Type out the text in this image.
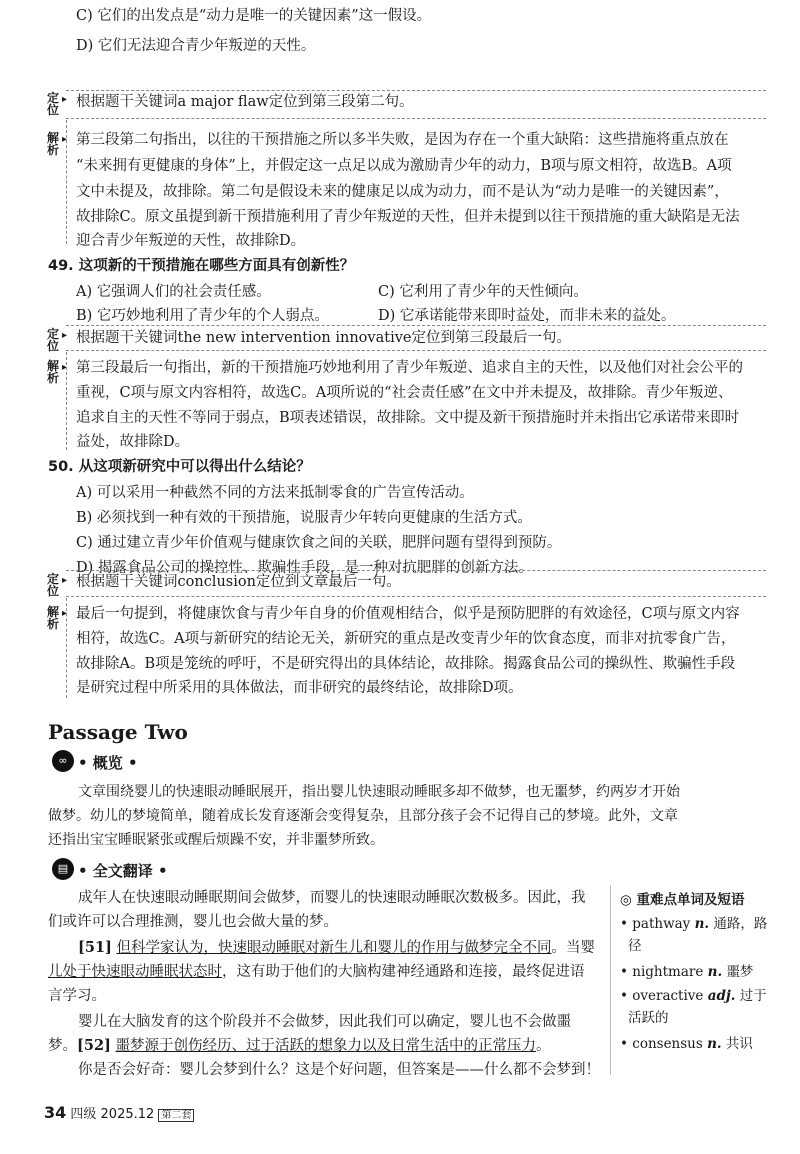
C) 它们的出发点是“动力是唯一的关键因素”这一假设。
D) 它们无法迎合青少年叛逆的天性。
定
位
▸ 根据题干关键词a major flaw定位到第三段第二句。
解
析
▸ 第三段第二句指出，以往的干预措施之所以多半失败，是因为存在一个重大缺陷：这些措施将重点放在
“未来拥有更健康的身体”上，并假定这一点足以成为激励青少年的动力，B项与原文相符，故选B。A项
文中未提及，故排除。第二句是假设未来的健康足以成为动力，而不是认为“动力是唯一的关键因素”，
故排除C。原文虽提到新干预措施利用了青少年叛逆的天性，但并未提到以往干预措施的重大缺陷是无法
迎合青少年叛逆的天性，故排除D。
49. 这项新的干预措施在哪些方面具有创新性？
A) 它强调人们的社会责任感。	C) 它利用了青少年的天性倾向。
B) 它巧妙地利用了青少年的个人弱点。	D) 它承诺能带来即时益处，而非未来的益处。
定
位
▸ 根据题干关键词the new intervention innovative定位到第三段最后一句。
解
析
▸ 第三段最后一句指出，新的干预措施巧妙地利用了青少年叛逆、追求自主的天性，以及他们对社会公平的
重视，C项与原文内容相符，故选C。A项所说的“社会责任感”在文中并未提及，故排除。青少年叛逆、
追求自主的天性不等同于弱点，B项表述错误，故排除。文中提及新干预措施时并未指出它承诺带来即时
益处，故排除D。
50. 从这项新研究中可以得出什么结论？
A) 可以采用一种截然不同的方法来抵制零食的广告宣传活动。
B) 必须找到一种有效的干预措施，说服青少年转向更健康的生活方式。
C) 通过建立青少年价值观与健康饮食之间的关联，肥胖问题有望得到预防。
D) 揭露食品公司的操控性、欺骗性手段，是一种对抗肥胖的创新方法。
定
位
▸ 根据题干关键词conclusion定位到文章最后一句。
解
析
▸ 最后一句提到，将健康饮食与青少年自身的价值观相结合，似乎是预防肥胖的有效途径，C项与原文内容
相符，故选C。A项与新研究的结论无关，新研究的重点是改变青少年的饮食态度，而非对抗零食广告，
故排除A。B项是笼统的呼吁，不是研究得出的具体结论，故排除。揭露食品公司的操纵性、欺骗性手段
是研究过程中所采用的具体做法，而非研究的最终结论，故排除D项。
Passage Two
∞ • 概览 •
文章围绕婴儿的快速眼动睡眠展开，指出婴儿快速眼动睡眠多却不做梦，也无噩梦，约两岁才开始
做梦。幼儿的梦境简单，随着成长发育逐渐会变得复杂，且部分孩子会不记得自己的梦境。此外，文章
还指出宝宝睡眠紧张或醒后烦躁不安，并非噩梦所致。
▤ • 全文翻译 •
成年人在快速眼动睡眠期间会做梦，而婴儿的快速眼动睡眠次数极多。因此，我
们或许可以合理推测，婴儿也会做大量的梦。
[51] 但科学家认为，快速眼动睡眠对新生儿和婴儿的作用与做梦完全不同。当婴
儿处于快速眼动睡眠状态时，这有助于他们的大脑构建神经通路和连接，最终促进语
言学习。
婴儿在大脑发育的这个阶段并不会做梦，因此我们可以确定，婴儿也不会做噩
梦。[52] 噩梦源于创伤经历、过于活跃的想象力以及日常生活中的正常压力。
你是否会好奇：婴儿会梦到什么？这是个好问题，但答案是——什么都不会梦到！
◎ 重难点单词及短语
• pathway n. 通路，路
径
• nightmare n. 噩梦
• overactive adj. 过于
活跃的
• consensus n. 共识
34 四级 2025.12 第二套
